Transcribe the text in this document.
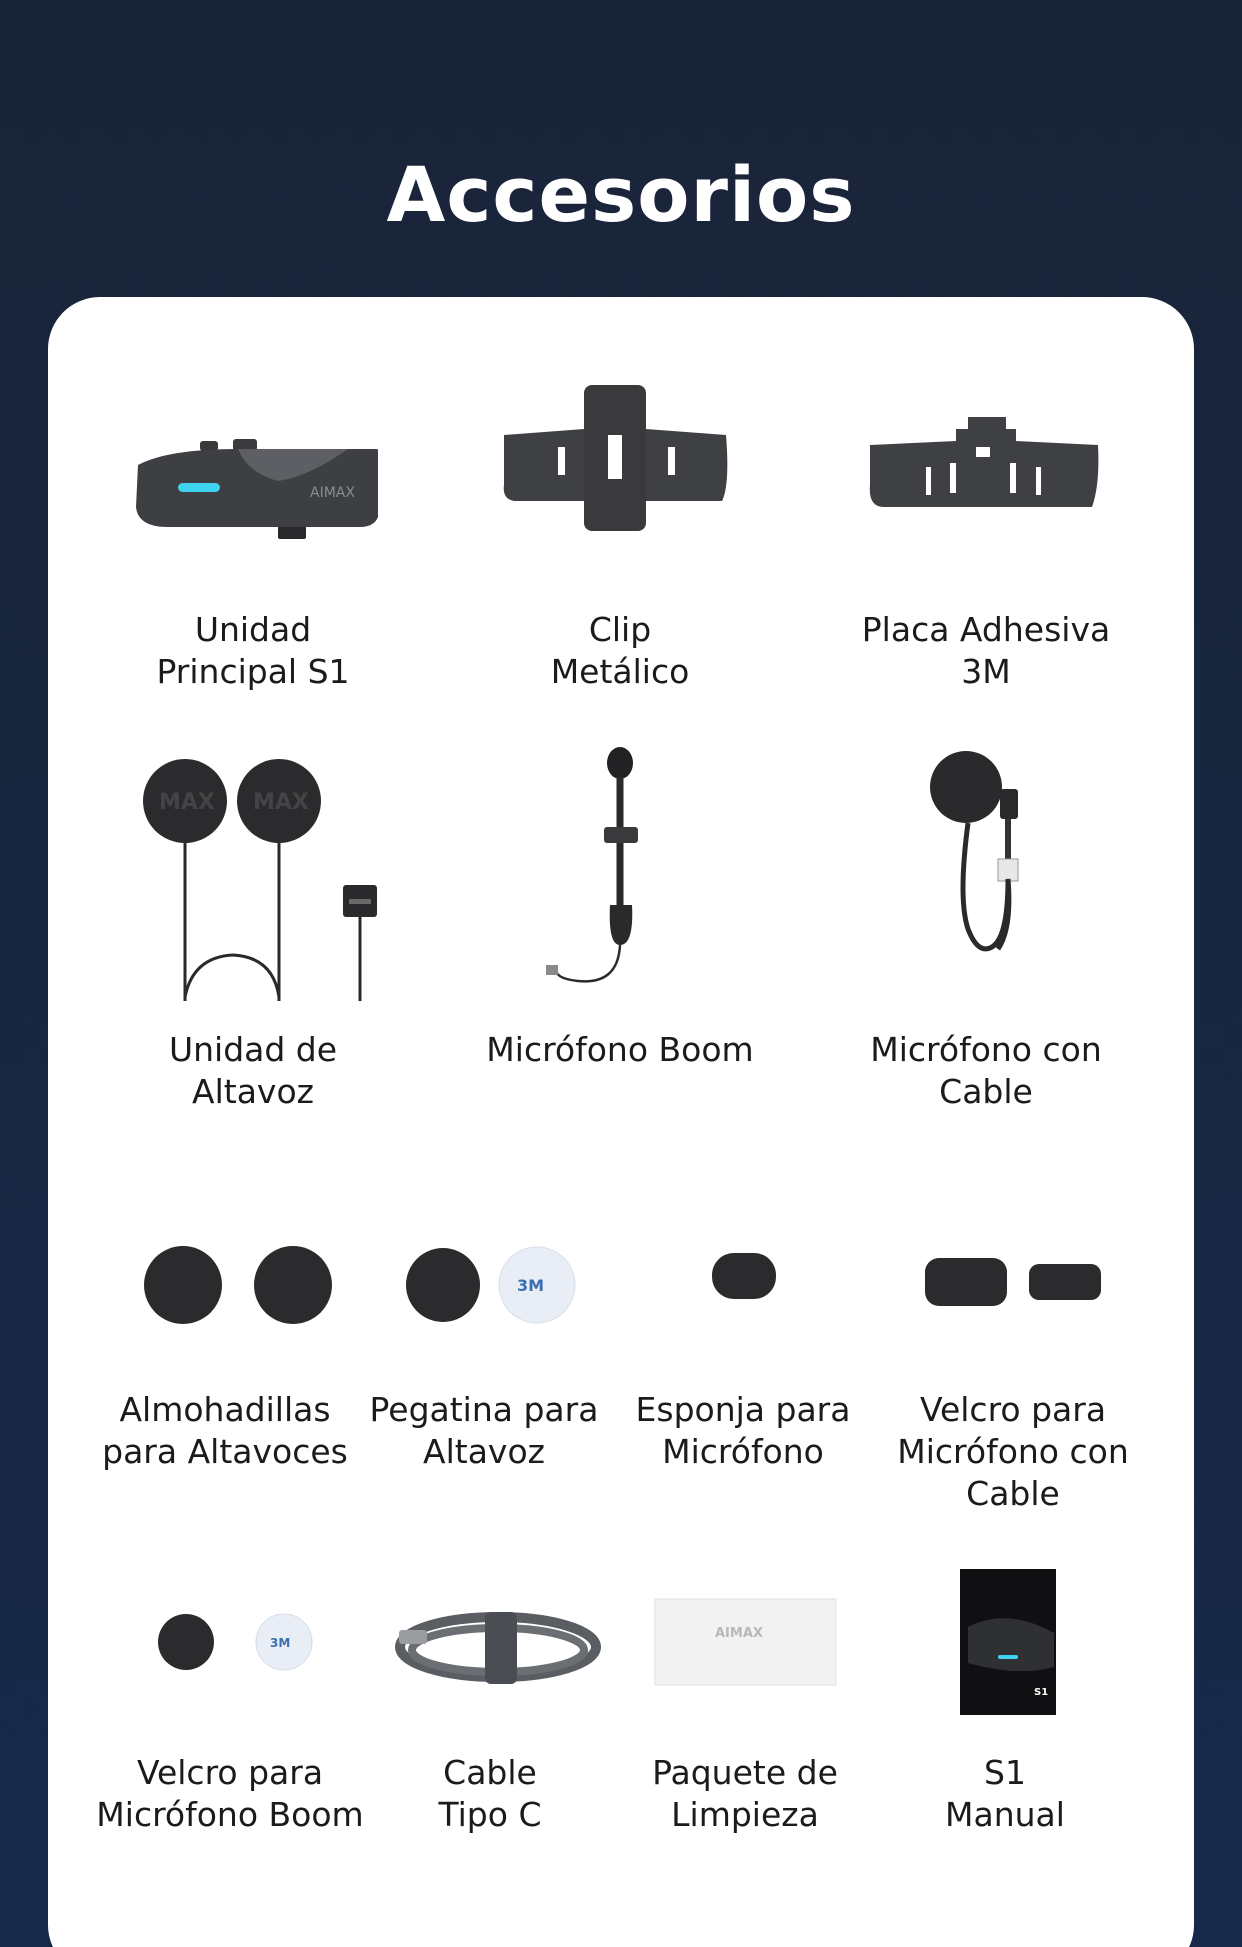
Accesorios
AIMAX
Unidad
Principal S1
Clip
Metálico
Placa Adhesiva
3M
MAX MAX
Unidad de
Altavoz
Micrófono Boom	Micrófono con
Cable
Almohadillas
para Altavoces
3M
Pegatina para
Altavoz
Esponja para
Micrófono
Velcro para
Micrófono con
Cable
3M
Velcro para
Micrófono Boom
Cable
Tipo C
AIMAX
Paquete de
Limpieza
S1
S1
Manual
